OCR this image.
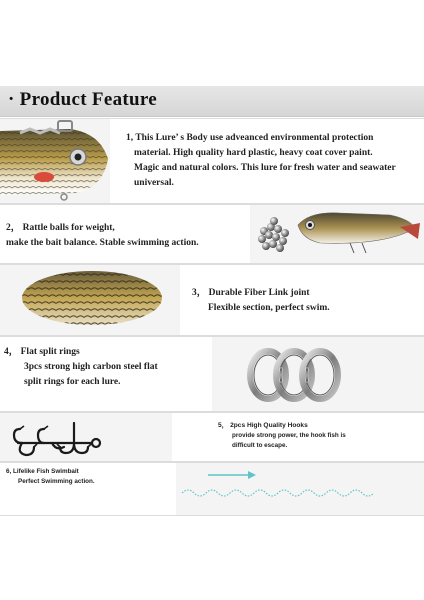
· Product Feature
1, This Lure’ s Body use adveanced environmental protection
material. High quality hard plastic, heavy coat cover paint.
Magic and natural colors. This lure for fresh water and seawater
universal.
2， Rattle balls for weight,
make the bait balance. Stable swimming action.
3， Durable Fiber Link joint
Flexible section, perfect swim.
4， Flat split rings
3pcs strong high carbon steel flat
split rings for each lure.
5， 2pcs High Quality Hooks
provide strong power, the hook fish is
difficult to escape.
6, Lifelike Fish Swimbait
Perfect Swimming action.
